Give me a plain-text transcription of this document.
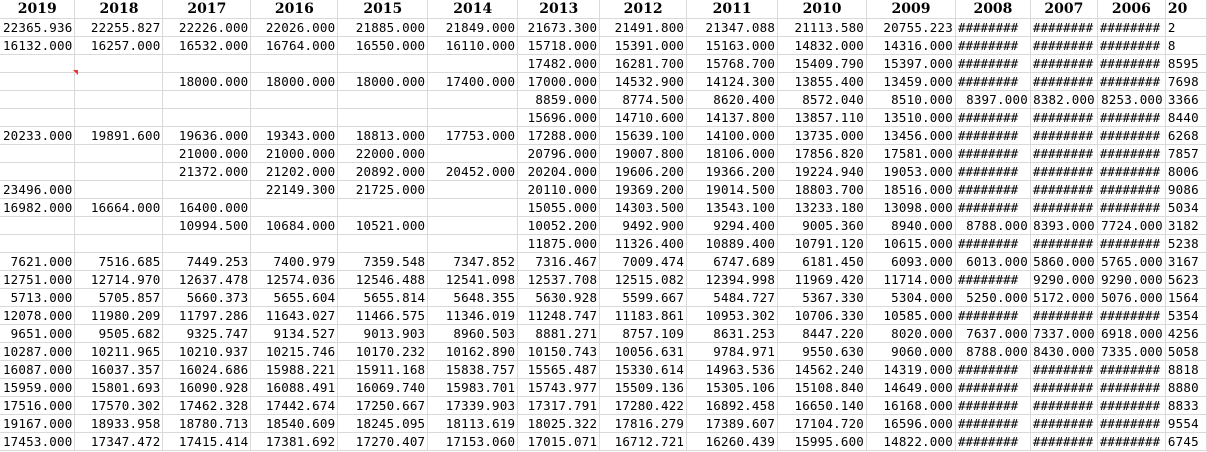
2019	2018	2017	2016	2015	2014	2013	2012	2011	2010	2009	2008	2007	2006	20
22365.936	22255.827	22226.000	22026.000	21885.000	21849.000	21673.300	21491.800	21347.088	21113.580	20755.223	########	########	########	2
16132.000	16257.000	16532.000	16764.000	16550.000	16110.000	15718.000	15391.000	15163.000	14832.000	14316.000	########	########	########	8
						17482.000	16281.700	15768.700	15409.790	15397.000	########	########	########	8595
		18000.000	18000.000	18000.000	17400.000	17000.000	14532.900	14124.300	13855.400	13459.000	########	########	########	7698
						8859.000	8774.500	8620.400	8572.040	8510.000	8397.000	8382.000	8253.000	3366
						15696.000	14710.600	14137.800	13857.110	13510.000	########	########	########	8440
20233.000	19891.600	19636.000	19343.000	18813.000	17753.000	17288.000	15639.100	14100.000	13735.000	13456.000	########	########	########	6268
		21000.000	21000.000	22000.000		20796.000	19007.800	18106.000	17856.820	17581.000	########	########	########	7857
		21372.000	21202.000	20892.000	20452.000	20204.000	19606.200	19366.200	19224.940	19053.000	########	########	########	8006
23496.000			22149.300	21725.000		20110.000	19369.200	19014.500	18803.700	18516.000	########	########	########	9086
16982.000	16664.000	16400.000				15055.000	14303.500	13543.100	13233.180	13098.000	########	########	########	5034
		10994.500	10684.000	10521.000		10052.200	9492.900	9294.400	9005.360	8940.000	8788.000	8393.000	7724.000	3182
						11875.000	11326.400	10889.400	10791.120	10615.000	########	########	########	5238
7621.000	7516.685	7449.253	7400.979	7359.548	7347.852	7316.467	7009.474	6747.689	6181.450	6093.000	6013.000	5860.000	5765.000	3167
12751.000	12714.970	12637.478	12574.036	12546.488	12541.098	12537.708	12515.082	12394.998	11969.420	11714.000	########	9290.000	9290.000	5623
5713.000	5705.857	5660.373	5655.604	5655.814	5648.355	5630.928	5599.667	5484.727	5367.330	5304.000	5250.000	5172.000	5076.000	1564
12078.000	11980.209	11797.286	11643.027	11466.575	11346.019	11248.747	11183.861	10953.302	10706.330	10585.000	########	########	########	5354
9651.000	9505.682	9325.747	9134.527	9013.903	8960.503	8881.271	8757.109	8631.253	8447.220	8020.000	7637.000	7337.000	6918.000	4256
10287.000	10211.965	10210.937	10215.746	10170.232	10162.890	10150.743	10056.631	9784.971	9550.630	9060.000	8788.000	8430.000	7335.000	5058
16087.000	16037.357	16024.686	15988.221	15911.168	15838.757	15565.487	15330.614	14963.536	14562.240	14319.000	########	########	########	8818
15959.000	15801.693	16090.928	16088.491	16069.740	15983.701	15743.977	15509.136	15305.106	15108.840	14649.000	########	########	########	8880
17516.000	17570.302	17462.328	17442.674	17250.667	17339.903	17317.791	17280.422	16892.458	16650.140	16168.000	########	########	########	8833
19167.000	18933.958	18780.713	18540.609	18245.095	18113.619	18025.322	17816.279	17389.607	17104.720	16596.000	########	########	########	9554
17453.000	17347.472	17415.414	17381.692	17270.407	17153.060	17015.071	16712.721	16260.439	15995.600	14822.000	########	########	########	6745
